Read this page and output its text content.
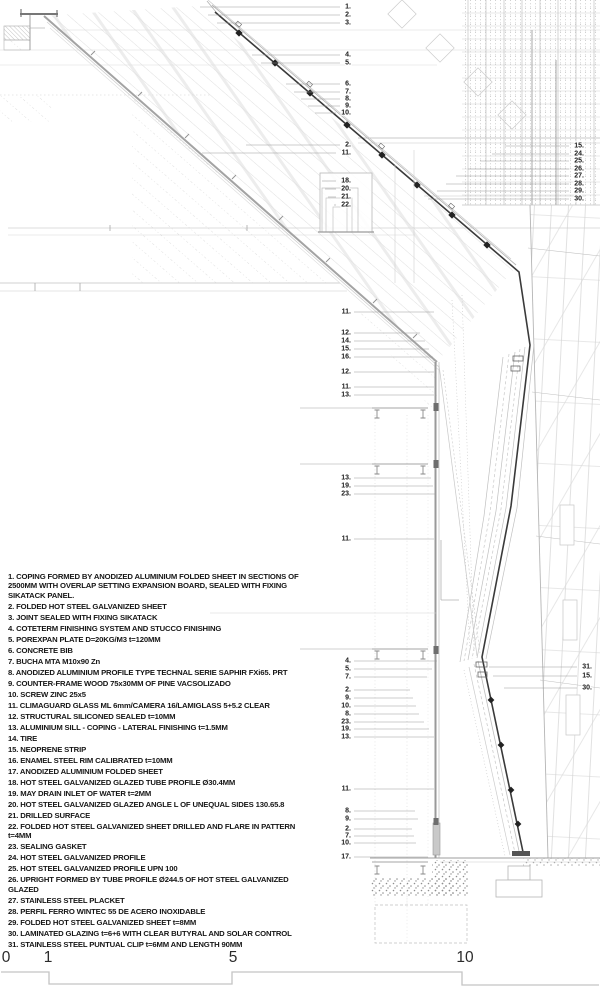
1.
2.
3.
4.
5.
6.
7.
8.
9.
10.
2.
11.
18.
20.
21.
22.
11.
12.
14.
15.
16.
12.
11.
13.
13.
19.
23.
11.
4.
5.
7.
2.
9.
10.
8.
23.
19.
13.
11.
8.
9.
2.
7.
10.
17.
15.
24.
25.
26.
27.
28.
29.
30.
31.
15.
30.
0 1	5	10
1. COPING FORMED BY ANODIZED ALUMINIUM FOLDED SHEET IN SECTIONS OF 2500MM WITH OVERLAP SETTING EXPANSION BOARD, SEALED WITH FIXING SIKATACK PANEL.
2. FOLDED HOT STEEL GALVANIZED SHEET
3. JOINT SEALED WITH FIXING SIKATACK
4. COTETERM FINISHING SYSTEM AND STUCCO FINISHING
5. POREXPAN PLATE D=20KG/M3 t=120MM
6. CONCRETE BIB
7. BUCHA MTA M10x90 Zn
8. ANODIZED ALUMINIUM PROFILE TYPE TECHNAL SERIE SAPHIR FXi65. PRT
9. COUNTER-FRAME WOOD 75x30MM OF PINE VACSOLIZADO
10. SCREW ZINC 25x5
11. CLIMAGUARD GLASS ML 6mm/CAMERA 16/LAMIGLASS 5+5.2 CLEAR
12. STRUCTURAL SILICONED SEALED t=10MM
13. ALUMINIUM SILL - COPING - LATERAL FINISHING t=1.5MM
14. TIRE
15. NEOPRENE STRIP
16. ENAMEL STEEL RIM CALIBRATED t=10MM
17. ANODIZED ALUMINIUM FOLDED SHEET
18. HOT STEEL GALVANIZED GLAZED TUBE PROFILE Ø30.4MM
19. MAY DRAIN INLET OF WATER t=2MM
20. HOT STEEL GALVANIZED GLAZED ANGLE L OF UNEQUAL SIDES 130.65.8
21. DRILLED SURFACE
22. FOLDED HOT STEEL GALVANIZED SHEET DRILLED AND FLARE IN PATTERN t=4MM
23. SEALING GASKET
24. HOT STEEL GALVANIZED PROFILE
25. HOT STEEL GALVANIZED PROFILE UPN 100
26. UPRIGHT FORMED BY TUBE PROFILE Ø244.5 OF HOT STEEL GALVANIZED GLAZED
27. STAINLESS STEEL PLACKET
28. PERFIL FERRO WINTEC 55 DE ACERO INOXIDABLE
29. FOLDED HOT STEEL GALVANIZED SHEET t=8MM
30. LAMINATED GLAZING t=6+6 WITH CLEAR BUTYRAL AND SOLAR CONTROL
31. STAINLESS STEEL PUNTUAL CLIP t=6MM AND LENGTH 90MM
